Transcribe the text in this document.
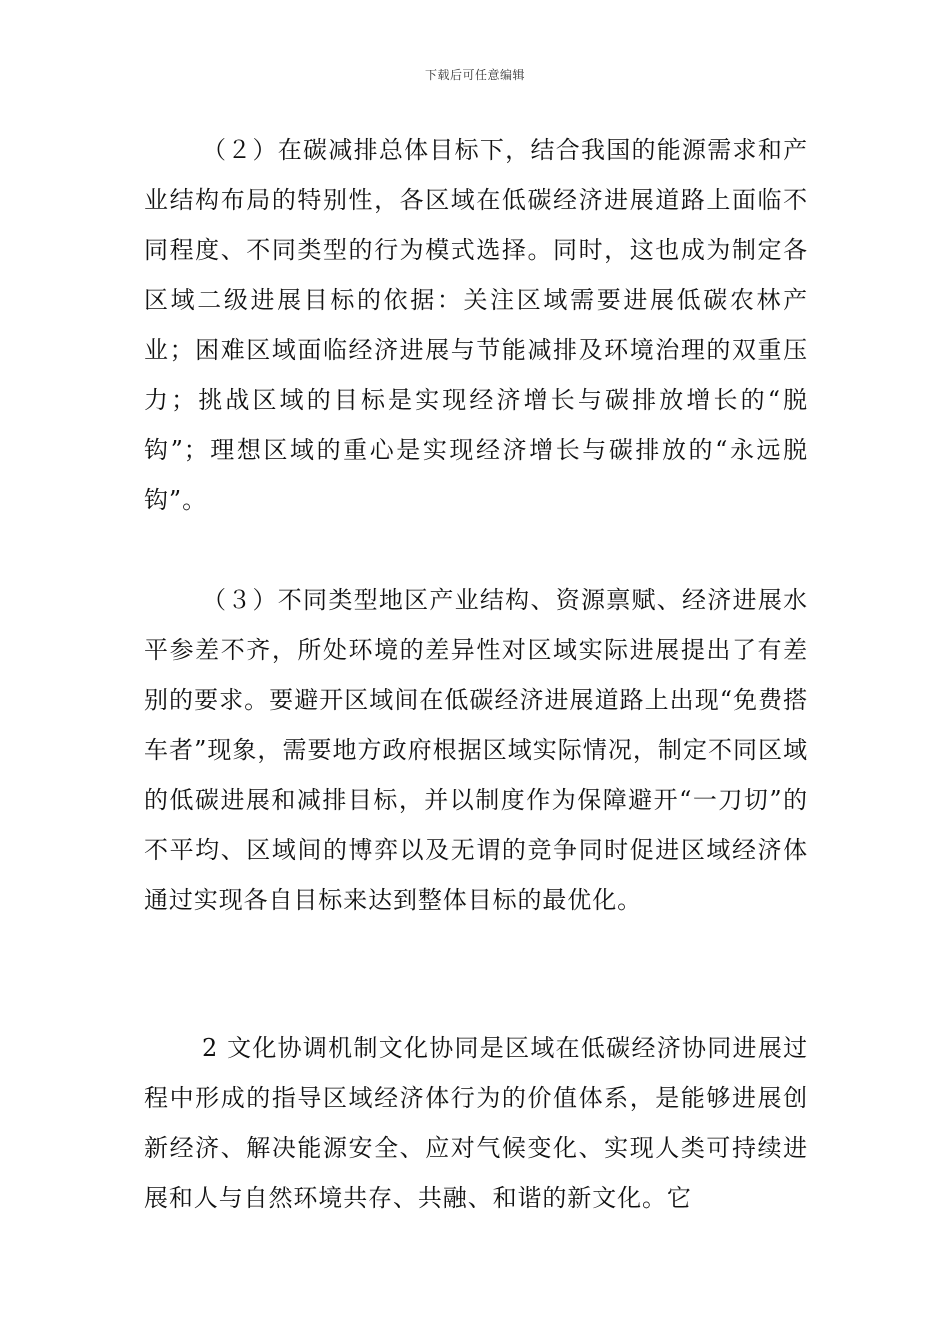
下载后可任意编辑

（２）在碳减排总体目标下，结合我国的能源需求和产业结构布局的特别性，各区域在低碳经济进展道路上面临不同程度、不同类型的行为模式选择。同时，这也成为制定各区域二级进展目标的依据：关注区域需要进展低碳农林产业；困难区域面临经济进展与节能减排及环境治理的双重压力；挑战区域的目标是实现经济增长与碳排放增长的“脱钩”；理想区域的重心是实现经济增长与碳排放的“永远脱钩”。

（３）不同类型地区产业结构、资源禀赋、经济进展水平参差不齐，所处环境的差异性对区域实际进展提出了有差别的要求。要避开区域间在低碳经济进展道路上出现“免费搭车者”现象，需要地方政府根据区域实际情况，制定不同区域的低碳进展和减排目标，并以制度作为保障避开“一刀切”的不平均、区域间的博弈以及无谓的竞争同时促进区域经济体通过实现各自目标来达到整体目标的最优化。

2 文化协调机制文化协同是区域在低碳经济协同进展过程中形成的指导区域经济体行为的价值体系，是能够进展创新经济、解决能源安全、应对气候变化、实现人类可持续进展和人与自然环境共存、共融、和谐的新文化。它
